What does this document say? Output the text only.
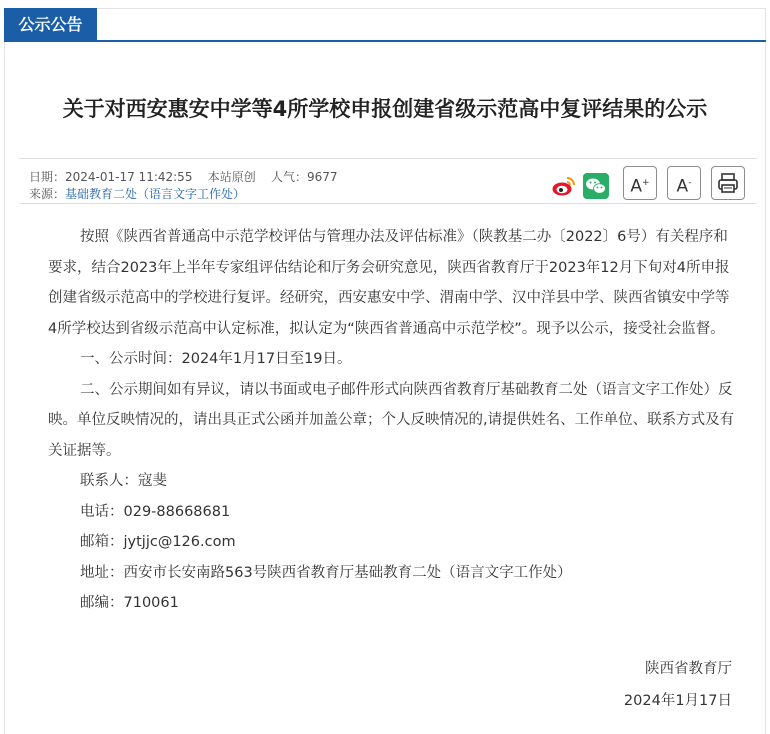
公示公告
关于对西安惠安中学等4所学校申报创建省级示范高中复评结果的公示
日期：2024-01-17 11:42:55 本站原创 人气：9677
来源：基础教育二处（语言文字工作处）	A+	A-

按照《陕西省普通高中示范学校评估与管理办法及评估标准》（陕教基二办〔2022〕6号）有关程序和要求，结合2023年上半年专家组评估结论和厅务会研究意见，陕西省教育厅于2023年12月下旬对4所申报创建省级示范高中的学校进行复评。经研究，西安惠安中学、渭南中学、汉中洋县中学、陕西省镇安中学等4所学校达到省级示范高中认定标准，拟认定为“陕西省普通高中示范学校”。现予以公示，接受社会监督。

一、公示时间：2024年1月17日至19日。

二、公示期间如有异议，请以书面或电子邮件形式向陕西省教育厅基础教育二处（语言文字工作处）反映。单位反映情况的，请出具正式公函并加盖公章；个人反映情况的,请提供姓名、工作单位、联系方式及有关证据等。

联系人：寇斐

电话：029-88668681

邮箱：jytjjc@126.com

地址：西安市长安南路563号陕西省教育厅基础教育二处（语言文字工作处）

邮编：710061

陕西省教育厅
2024年1月17日
